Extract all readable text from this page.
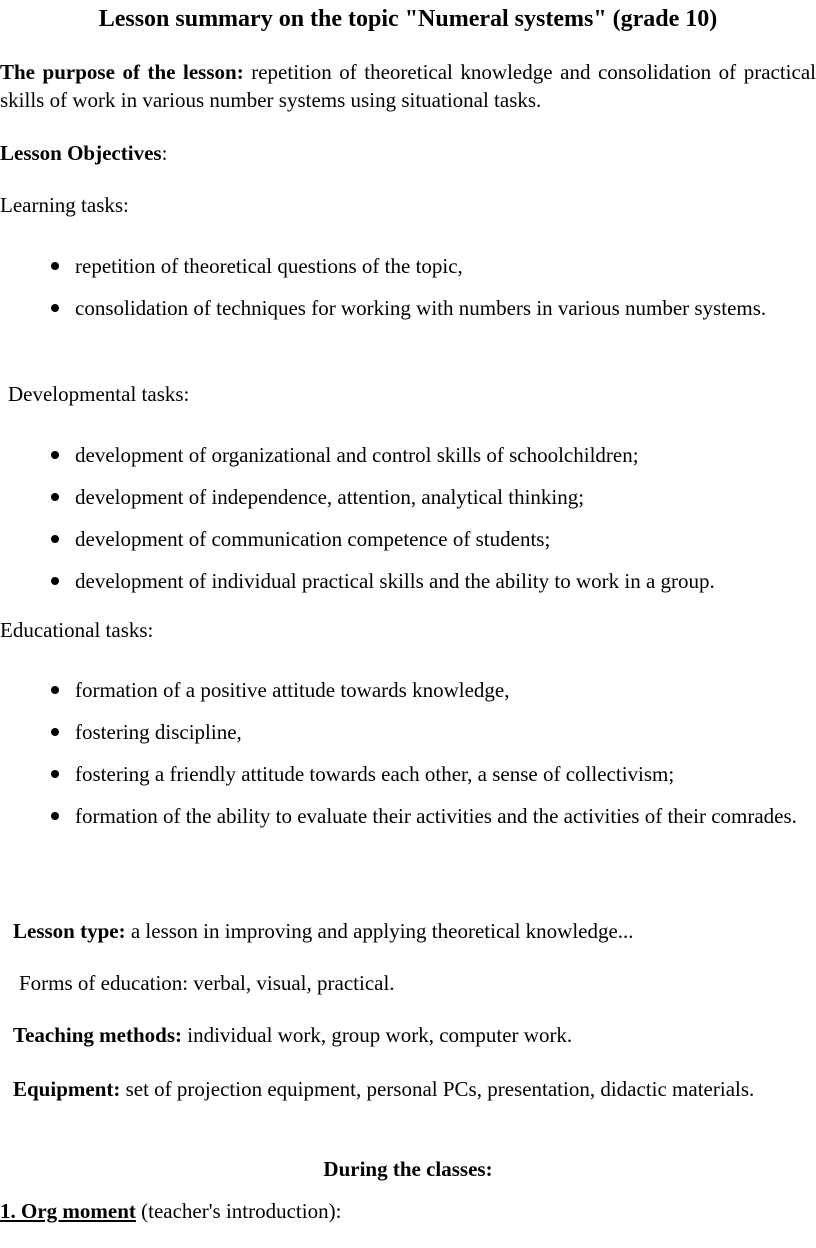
Lesson summary on the topic "Numeral systems" (grade 10)

The purpose of the lesson: repetition of theoretical knowledge and consolidation of practical skills of work in various number systems using situational tasks.

Lesson Objectives:

Learning tasks:

repetition of theoretical questions of the topic,
consolidation of techniques for working with numbers in various number systems.

Developmental tasks:

development of organizational and control skills of schoolchildren;
development of independence, attention, analytical thinking;
development of communication competence of students;
development of individual practical skills and the ability to work in a group.

Educational tasks:

formation of a positive attitude towards knowledge,
fostering discipline,
fostering a friendly attitude towards each other, a sense of collectivism;
formation of the ability to evaluate their activities and the activities of their comrades.

Lesson type: a lesson in improving and applying theoretical knowledge...

Forms of education: verbal, visual, practical.

Teaching methods: individual work, group work, computer work.

Equipment: set of projection equipment, personal PCs, presentation, didactic materials.

During the classes:

1. Org moment (teacher's introduction):
